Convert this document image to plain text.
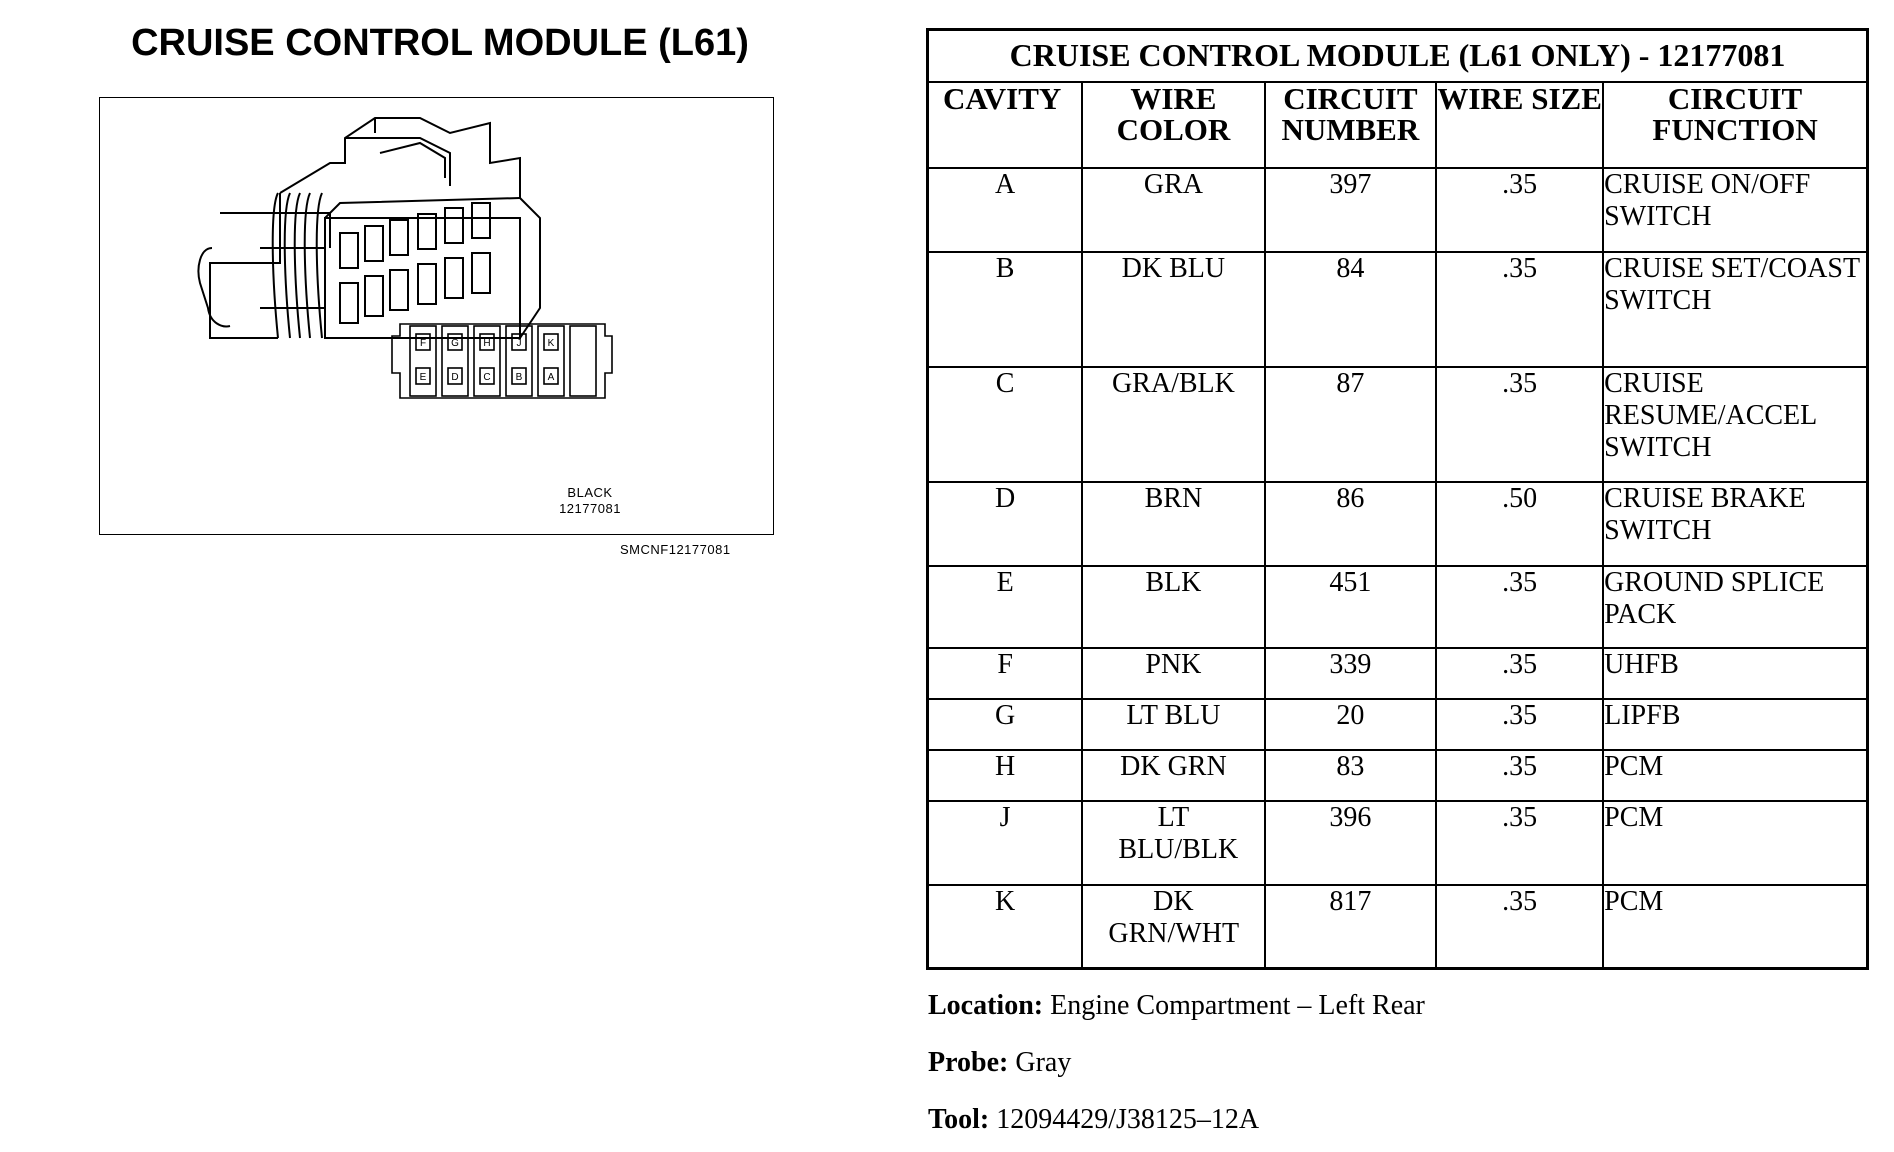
CRUISE CONTROL MODULE (L61)
F	G H	J	K
E	D C	B	A
BLACK
12177081
SMCNF12177081
CRUISE CONTROL MODULE (L61 ONLY) - 12177081				
CAVITY	WIRE COLOR	CIRCUIT NUMBER	WIRE SIZE	CIRCUIT FUNCTION
A	GRA	397	.35	CRUISE ON/OFF SWITCH
B	DK BLU	84	.35	CRUISE SET/COAST SWITCH
C	GRA/BLK	87	.35	CRUISE RESUME/ACCEL SWITCH
D	BRN	86	.50	CRUISE BRAKE SWITCH
E	BLK	451	.35	GROUND SPLICE PACK
F	PNK	339	.35	UHFB
G	LT BLU	20	.35	LIPFB
H	DK GRN	83	.35	PCM
J	LT BLU/BLK	396	.35	PCM
K	DK GRN/WHT	817	.35	PCM
Location: Engine Compartment – Left Rear
Probe: Gray
Tool: 12094429/J38125–12A
